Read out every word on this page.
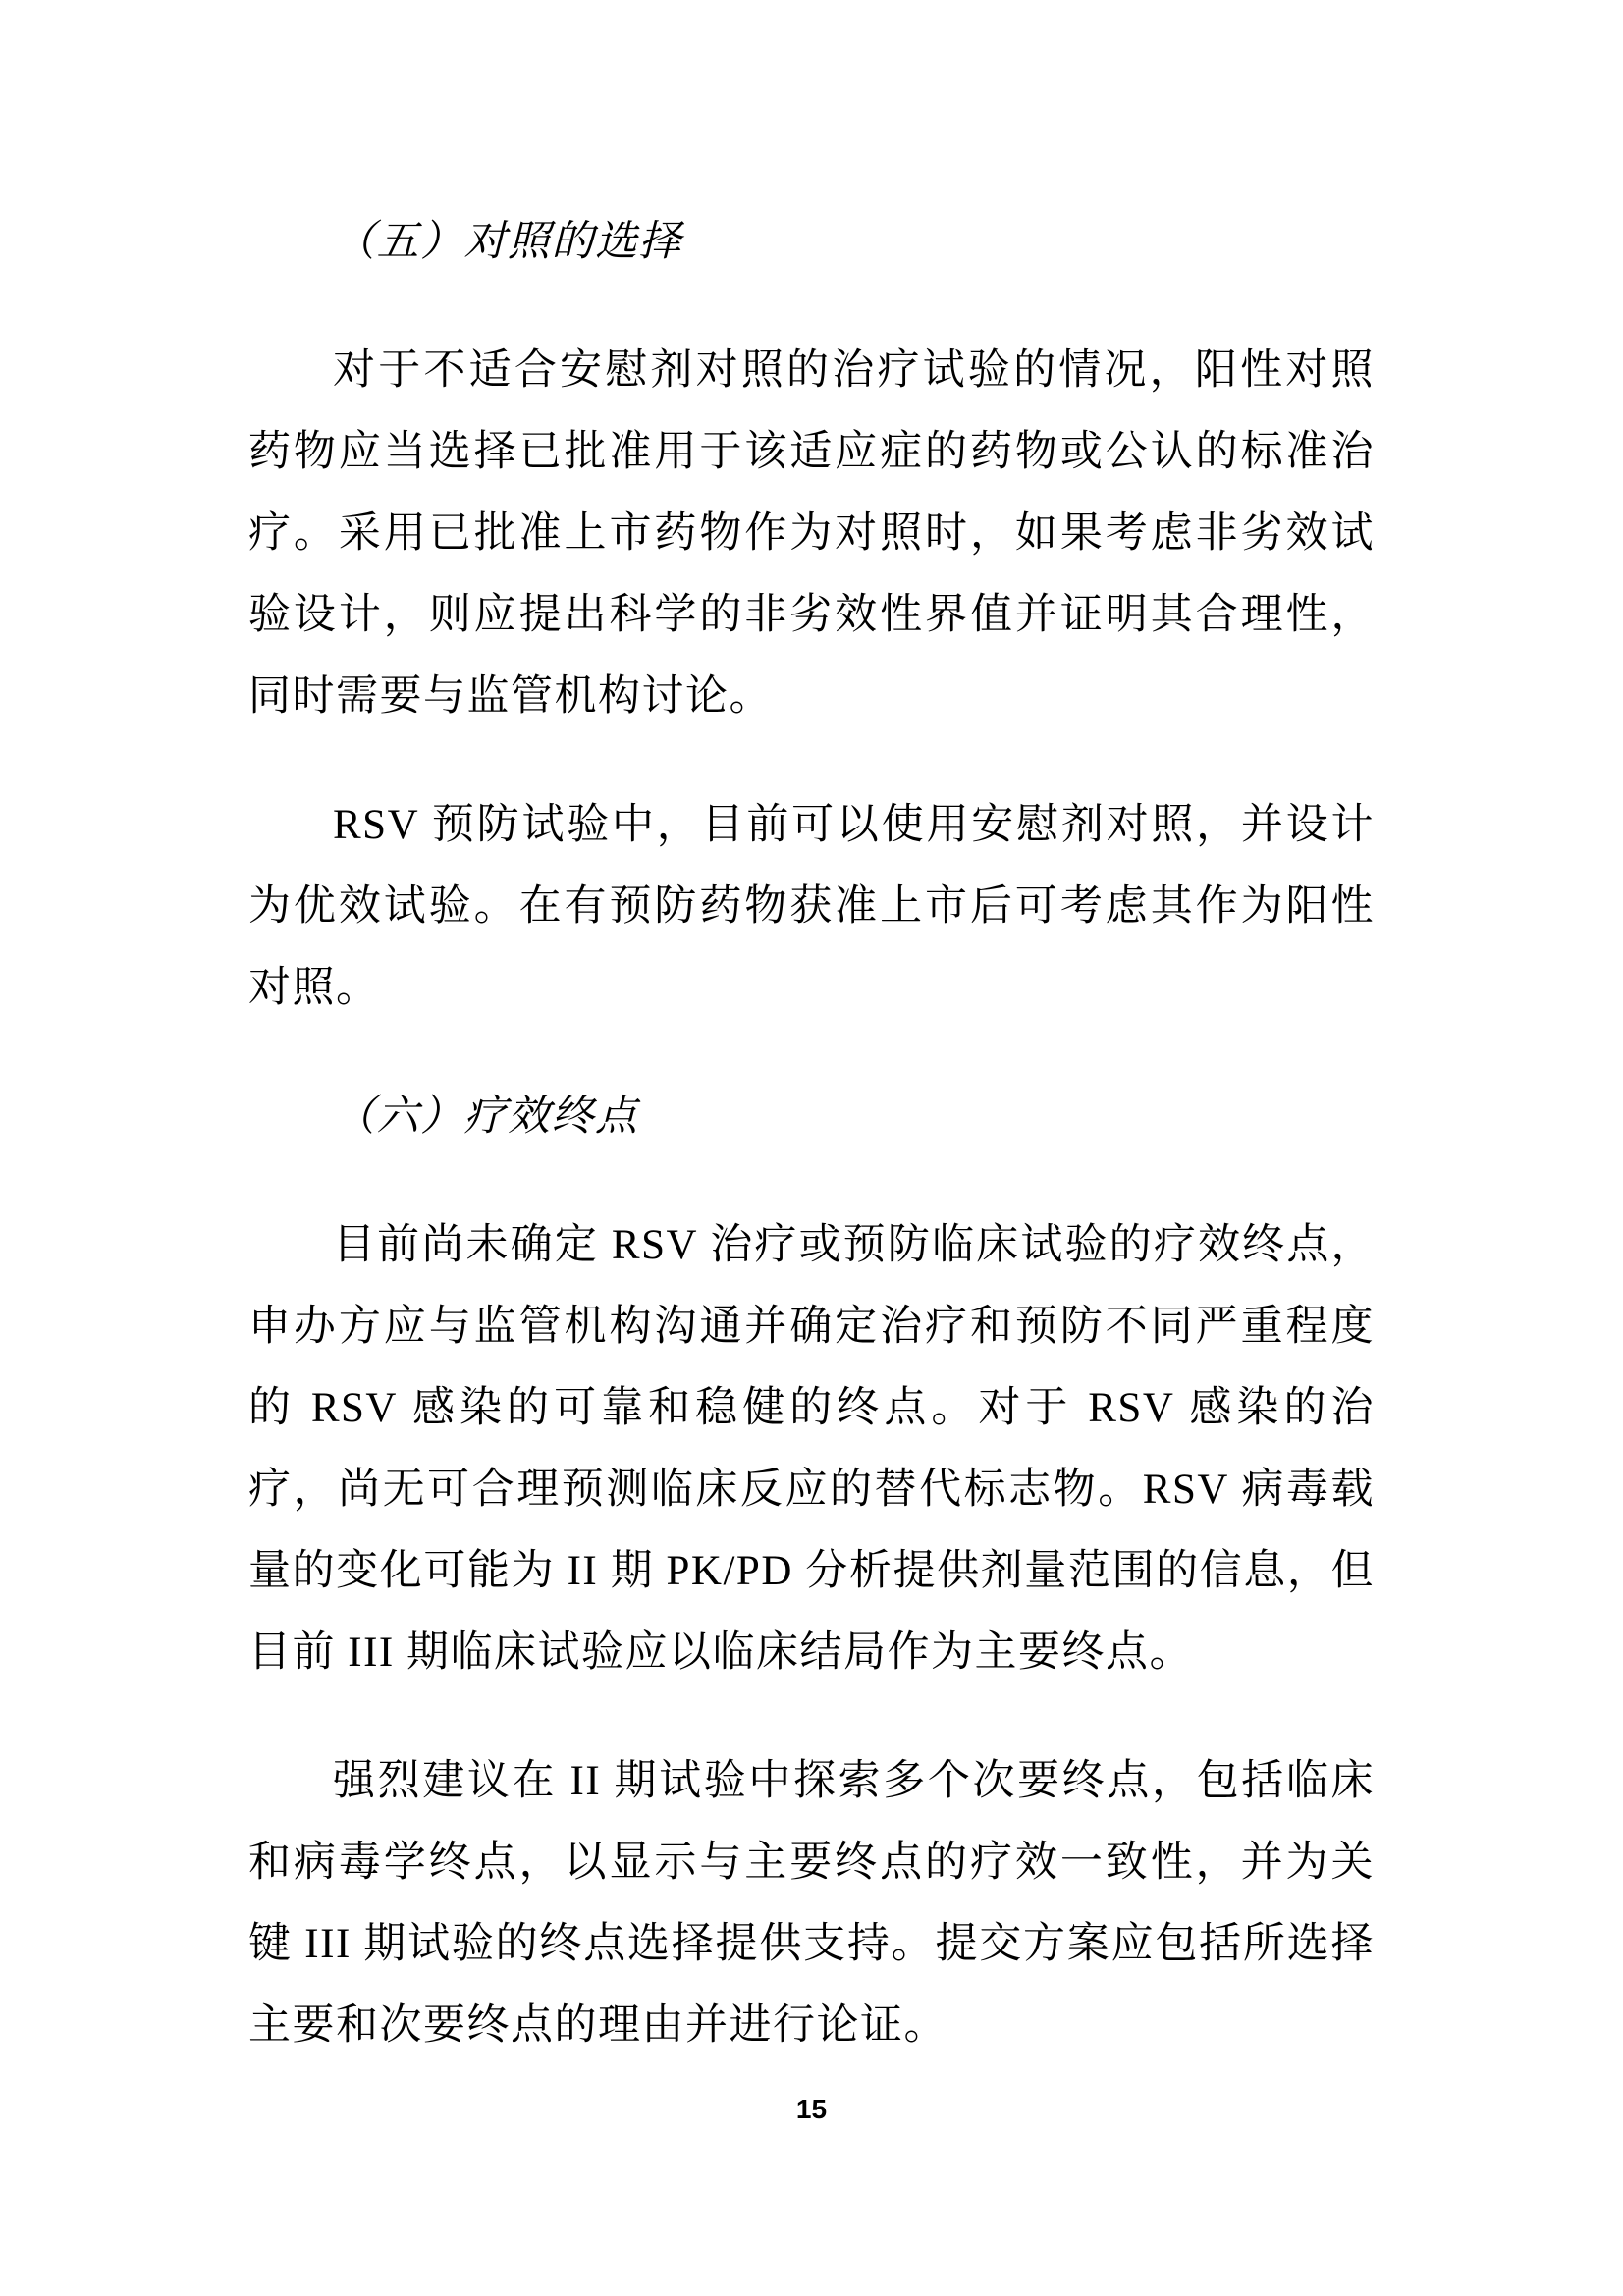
（五）对照的选择

对于不适合安慰剂对照的治疗试验的情况，阳性对照药物应当选择已批准用于该适应症的药物或公认的标准治疗。采用已批准上市药物作为对照时，如果考虑非劣效试验设计，则应提出科学的非劣效性界值并证明其合理性，同时需要与监管机构讨论。

RSV 预防试验中，目前可以使用安慰剂对照，并设计为优效试验。在有预防药物获准上市后可考虑其作为阳性对照。

（六）疗效终点

目前尚未确定 RSV 治疗或预防临床试验的疗效终点，申办方应与监管机构沟通并确定治疗和预防不同严重程度的 RSV 感染的可靠和稳健的终点。对于 RSV 感染的治疗，尚无可合理预测临床反应的替代标志物。RSV 病毒载量的变化可能为 II 期 PK/PD 分析提供剂量范围的信息，但目前 III 期临床试验应以临床结局作为主要终点。

强烈建议在 II 期试验中探索多个次要终点，包括临床和病毒学终点，以显示与主要终点的疗效一致性，并为关键 III 期试验的终点选择提供支持。提交方案应包括所选择主要和次要终点的理由并进行论证。

15
